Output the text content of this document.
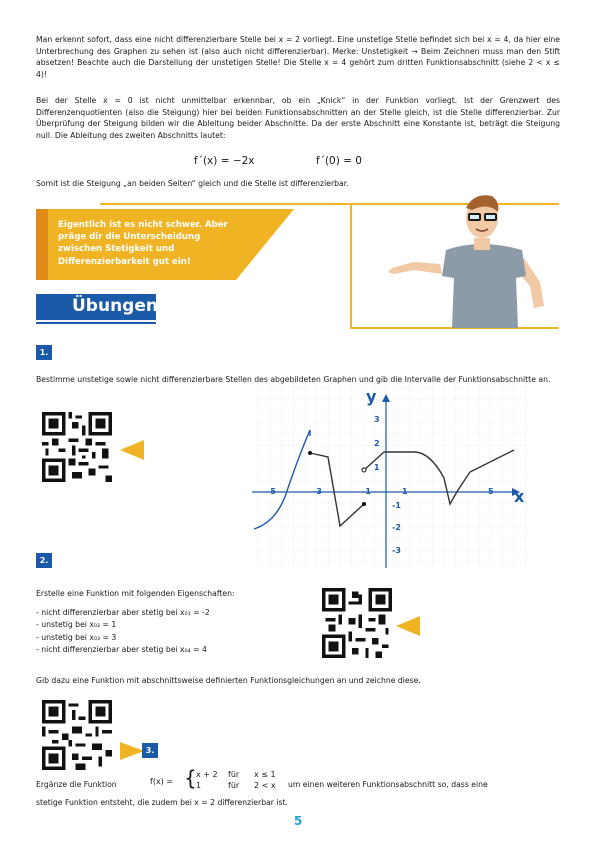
Man erkennt sofort, dass eine nicht differenzierbare Stelle bei x = 2 vorliegt. Eine unstetige Stelle befindet sich bei x = 4, da hier eine Unterbrechung des Graphen zu sehen ist (also auch nicht differenzierbar). Merke: Unstetigkeit → Beim Zeichnen muss man den Stift absetzen! Beachte auch die Darstellung der unstetigen Stelle! Die Stelle x = 4 gehört zum dritten Funktionsabschnitt (siehe 2 < x ≤ 4)!

Bei der Stelle x = 0 ist nicht unmittelbar erkennbar, ob ein „Knick“ in der Funktion vorliegt. Ist der Grenzwert des Differenzenquotienten (also die Steigung) hier bei beiden Funktionsabschnitten an der Stelle gleich, ist die Stelle differenzierbar. Zur Überprüfung der Steigung bilden wir die Ableitung beider Abschnitte. Da der erste Abschnitt eine Konstante ist, beträgt die Steigung null. Die Ableitung des zweiten Abschnitts lautet:

f´(x) = −2x	f´(0) = 0

Somit ist die Steigung „an beiden Seiten“ gleich und die Stelle ist differenzierbar.

Eigentlich ist es nicht schwer. Aber präge dir die Unterscheidung zwischen Stetigkeit und Differenzierbarkeit gut ein!

Übungen
1.

Bestimme unstetige sowie nicht differenzierbare Stellen des abgebildeten Graphen und gib die Intervalle der Funktionsabschnitte an.

-5	-3	-1	1	5
3
2
1
-1
-2
-3
x
y
2.

Erstelle eine Funktion mit folgenden Eigenschaften:

- nicht differenzierbar aber stetig bei x₀₁ = -2
- unstetig bei x₀₂ = 1
- unstetig bei x₀₃ = 3
- nicht differenzierbar aber stetig bei x₀₄ = 4

Gib dazu eine Funktion mit abschnittsweise definierten Funktionsgleichungen an und zeichne diese.

3.
Ergänze die Funktion	f(x) = { x + 2 für x ≤ 1
1	für 2 < x um einen weiteren Funktionsabschnitt so, dass eine

stetige Funktion entsteht, die zudem bei x = 2 differenzierbar ist.

5
